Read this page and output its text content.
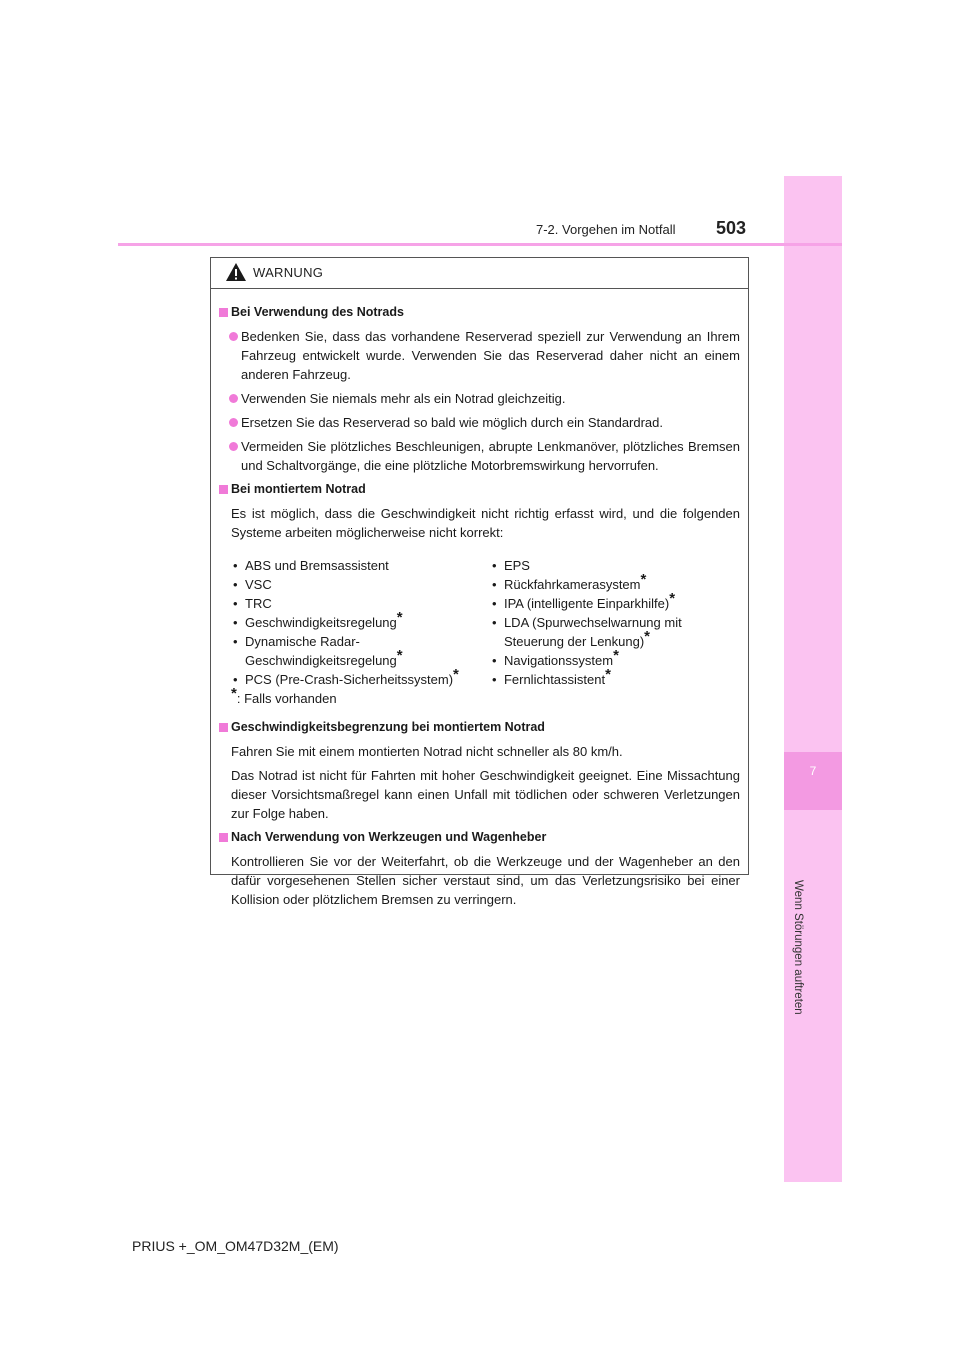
7
Wenn Störungen auftreten
7-2. Vorgehen im Notfall 503
WARNUNG
Bei Verwendung des Notrads
Bedenken Sie, dass das vorhandene Reserverad speziell zur Verwendung an Ihrem Fahrzeug entwickelt wurde. Verwenden Sie das Reserverad daher nicht an einem anderen Fahrzeug.
Verwenden Sie niemals mehr als ein Notrad gleichzeitig.
Ersetzen Sie das Reserverad so bald wie möglich durch ein Standardrad.
Vermeiden Sie plötzliches Beschleunigen, abrupte Lenkmanöver, plötzliches Bremsen und Schaltvorgänge, die eine plötzliche Motorbremswirkung hervorrufen.
Bei montiertem Notrad
Es ist möglich, dass die Geschwindigkeit nicht richtig erfasst wird, und die folgenden Systeme arbeiten möglicherweise nicht korrekt:
• ABS und Bremsassistent
• VSC
• TRC
• Geschwindigkeitsregelung*
• Dynamische Radar-Geschwindigkeitsregelung*
• PCS (Pre-Crash-Sicherheitssystem)*
• EPS
• Rückfahrkamerasystem*
• IPA (intelligente Einparkhilfe)*
• LDA (Spurwechselwarnung mit Steuerung der Lenkung)*
• Navigationssystem*
• Fernlichtassistent*
*: Falls vorhanden
Geschwindigkeitsbegrenzung bei montiertem Notrad
Fahren Sie mit einem montierten Notrad nicht schneller als 80 km/h.
Das Notrad ist nicht für Fahrten mit hoher Geschwindigkeit geeignet. Eine Missachtung dieser Vorsichtsmaßregel kann einen Unfall mit tödlichen oder schweren Verletzungen zur Folge haben.
Nach Verwendung von Werkzeugen und Wagenheber
Kontrollieren Sie vor der Weiterfahrt, ob die Werkzeuge und der Wagenheber an den dafür vorgesehenen Stellen sicher verstaut sind, um das Verletzungsrisiko bei einer Kollision oder plötzlichem Bremsen zu verringern.
PRIUS +_OM_OM47D32M_(EM)
